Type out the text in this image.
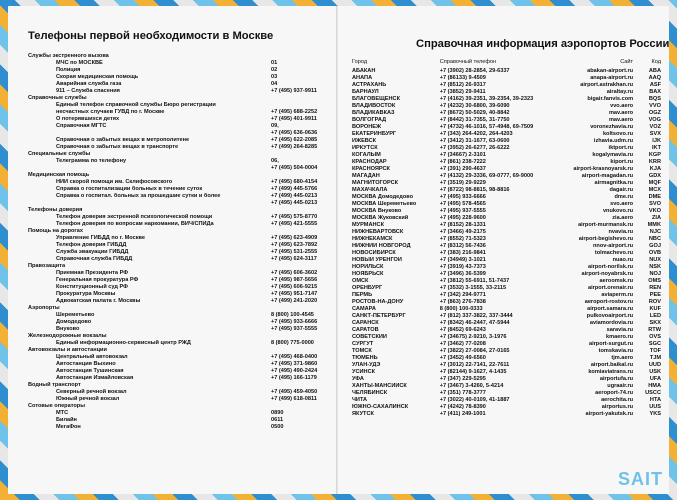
Телефоны первой необходимости в Москве
Службы экстренного вызова
МЧС по МОСКВЕ	01
Полиция	02
Скорая медицинская помощь	03
Аварийная служба газа	04
911 – Служба спасения	+7 (495) 937-9911
Справочные службы
Единый телефон справочной службы Бюро регистрации
несчастных случаев ГУВД по г. Москве	+7 (495) 688-2252
О потерявшихся детях	+7 (495) 401-9911
Справочная МГТС	09,
+7 (495) 636-0636
Справочная о забытых вещах в метрополитене	+7 (495) 622-2085
Справочная о забытых вещах в транспорте	+7 (499) 264-8285
Специальные службы
Телеграмма по телефону	06,
+7 (495) 504-0004
Медицинская помощь
НИИ скорой помощи им. Склифосовского	+7 (495) 680-4154
Справка о госпитализации больных в течение суток	+7 (499) 445-5766
Справка о госпитал. больных за прошедшие сутки и более	+7 (499) 445-0213
+7 (495) 445-0213
Телефоны доверия
Телефон доверия экстренной психологической помощи	+7 (495) 575-8770
Телефон доверия по вопросам наркомании, ВИЧ/СПИДа	+7 (495) 421-5555
Помощь на дорогах
Управление ГИБДД по г. Москве	+7 (495) 623-4909
Телефон доверия ГИБДД	+7 (495) 623-7892
Служба эвакуации ГИБДД	+7 (495) 531-2555
Справочная служба ГИБДД	+7 (495) 624-3117
Правозащита
Приемная Президента РФ	+7 (495) 606-3602
Генеральная прокуратура РФ	+7 (495) 987-5656
Конституционный суд РФ	+7 (495) 606-9215
Прокуратура Москвы	+7 (495) 951-7147
Адвокатская палата г. Москвы	+7 (499) 241-2020
Аэропорты
Шереметьево	8 (800) 100-4545
Домодедово	+7 (495) 933-6666
Внуково	+7 (495) 937-5555
Железнодорожные вокзалы
Единый информационно-сервисный центр РЖД	8 (800) 775-0000
Автовокзалы и автостанции
Центральный автовокзал	+7 (495) 468-0400
Автостанция Выхино	+7 (495) 371-9860
Автостанция Тушинская	+7 (495) 490-2424
Автостанция Измайловская	+7 (495) 166-1179
Водный транспорт
Северный речной вокзал	+7 (495) 459-4050
Южный речной вокзал	+7 (499) 618-0811
Сотовые операторы
МТС	0890
Билайн	0611
МегаФон	0500
Справочная информация аэропортов России
Город	Справочный телефон	Сайт	Код
АБАКАН	+7 (3902) 28-2854, 29-6337	abakan-airport.ru	ABA
АНАПА	+7 (86133) 9-4509	anapa-airport.ru	AAQ
АСТРАХАНЬ	+7 (8512) 26-9317	airport.astrakhan.ru	ASF
БАРНАУЛ	+7 (3852) 29-9411	airaltay.ru	BAX
БЛАГОВЕЩЕНСК	+7 (4162) 39-2351, 39-2354, 39-2323	bigair.fanvis.com	BQS
ВЛАДИВОСТОК	+7 (4232) 30-6800, 39-6090	vvo.aero	VVO
ВЛАДИКАВКАЗ	+7 (8672) 50-5029, 40-8842	mav.aero	OGZ
ВОЛГОГРАД	+7 (8442) 31-7355, 31-7750	mav.aero	VOG
ВОРОНЕЖ	+7 (4732) 46-1016, 57-4948, 69-7509	voronezhavia.ru	VOZ
ЕКАТЕРИНБУРГ	+7 (343) 264-4202, 264-4203	koltsovo.ru	SVX
ИЖЕВСК	+7 (3412) 31-1677, 63-0600	izhavia.udm.ru	IJK
ИРКУТСК	+7 (3952) 26-6277, 26-6222	iktport.ru	IKT
КОГАЛЫМ	+7 (34667) 2-3101	kogalymavia.ru	KGP
КРАСНОДАР	+7 (861) 238-7222	kiport.ru	KRR
КРАСНОЯРСК	+7 (391) 290-4637	airport-krasnoyarsk.ru	KJA
МАГАДАН	+7 (4132) 29-3336, 69-0777, 69-9000	airport-magadan.ru	GDX
МАГНИТОГОРСК	+7 (3519) 29-9229	airmagnitka.ru	MQF
МАХАЧКАЛА	+7 (8722) 98-8815, 98-8816	dagair.ru	MCX
МОСКВА Домодедово	+7 (495) 933-6666	dme.ru	DME
МОСКВА Шереметьево	+7 (495) 578-4565	svo.aero	SVO
МОСКВА Внуково	+7 (495) 937-5555	vnukovo.ru	VKO
МОСКВА Жуковский	+7 (495) 228-9600	zia.aero	ZIA
МУРМАНСК	+7 (8152) 28-1331	airport-murmansk.ru	MMK
НИЖНЕВАРТОВСК	+7 (3466) 49-2175	nvavia.ru	NJC
НИЖНЕКАМСК	+7 (8552) 71-5323	airport-begishevo.ru	NBC
НИЖНИЙ НОВГОРОД	+7 (8312) 56-7436	nnov-airport.ru	GOJ
НОВОСИБИРСК	+7 (383) 216-9841	tolmachevo.ru	OVB
НОВЫЙ УРЕНГОЙ	+7 (34949) 3-1021	nuao.ru	NUX
НОРИЛЬСК	+7 (3919) 43-7373	airport-norilsk.ru	NSK
НОЯБРЬСК	+7 (3496) 36-5399	airport-noyabrsk.ru	NOJ
ОМСК	+7 (3812) 55-6911, 51-7437	aeroomsk.ru	OMS
ОРЕНБУРГ	+7 (3532) 3-1555, 33-2115	airport.orenair.ru	REN
ПЕРМЬ	+7 (342) 294-9771	aviaperm.ru	PEE
РОСТОВ-НА-ДОНУ	+7 (863) 276-7838	aeroport-rostov.ru	ROV
САМАРА	8 (800) 100-0333	airport.samara.ru	KUF
САНКТ-ПЕТЕРБУРГ	+7 (812) 337-3822, 337-3444	pulkovoairport.ru	LED
САРАНСК	+7 (8342) 46-2447, 47-5944	aviamordovia.ru	SKX
САРАТОВ	+7 (8452) 69-6243	saravia.ru	RTW
СОВЕТСКИЙ	+7 (34675) 2-9210, 3-1976	kmaero.ru	OVS
СУРГУТ	+7 (3462) 77-0208	airport-surgut.ru	SGC
ТОМСК	+7 (3822) 27-0084, 27-0165	tomskavia.ru	TOF
ТЮМЕНЬ	+7 (3452) 49-6560	tjm.aero	TJM
УЛАН-УДЭ	+7 (3012) 22-7141, 22-7611	airport.baikal.ru	UUD
УСИНСК	+7 (82144) 9-1627, 4-1435	komiaviatrans.ru	USK
УФА	+7 (347) 229-5295	airportufa.ru	UFA
ХАНТЫ-МАНСИЙСК	+7 (3467) 3-4260, 5-4214	ugraair.ru	HMA
ЧЕЛЯБИНСК	+7 (351) 778-3777	aeroport-74.ru	USCC
ЧИТА	+7 (3022) 40-0109, 41-1887	aerochita.ru	HTA
ЮЖНО-САХАЛИНСК	+7 (4242) 78-8390	airportus.ru	UUS
ЯКУТСК	+7 (411) 249-1001	airport-yakutsk.ru	YKS
SAIT
